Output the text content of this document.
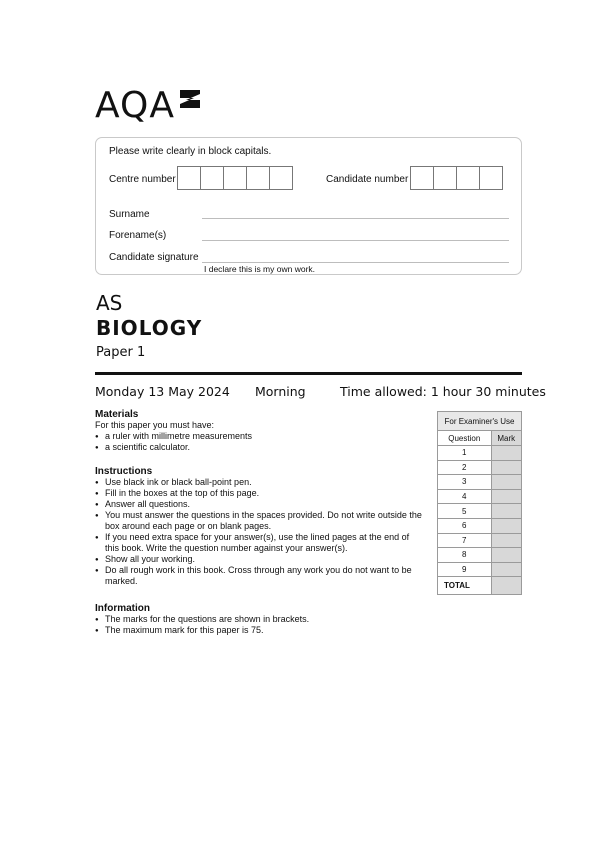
AQA
Please write clearly in block capitals.
Centre number	Candidate number
Surname
Forename(s)
Candidate signature
I declare this is my own work.
AS
BIOLOGY
Paper 1
Monday 13 May 2024 Morning	Time allowed: 1 hour 30 minutes
Materials
For this paper you must have:
● a ruler with millimetre measurements
● a scientific calculator.
Instructions
● Use black ink or black ball-point pen.
● Fill in the boxes at the top of this page.
● Answer all questions.
● You must answer the questions in the spaces provided. Do not write outside the box around each page or on blank pages.
● If you need extra space for your answer(s), use the lined pages at the end of this book. Write the question number against your answer(s).
● Show all your working.
● Do all rough work in this book. Cross through any work you do not want to be marked.
Information
● The marks for the questions are shown in brackets.
● The maximum mark for this paper is 75.
For Examiner's Use	
Question	Mark
1	
2	
3	
4	
5	
6	
7	
8	
9	
TOTAL	
